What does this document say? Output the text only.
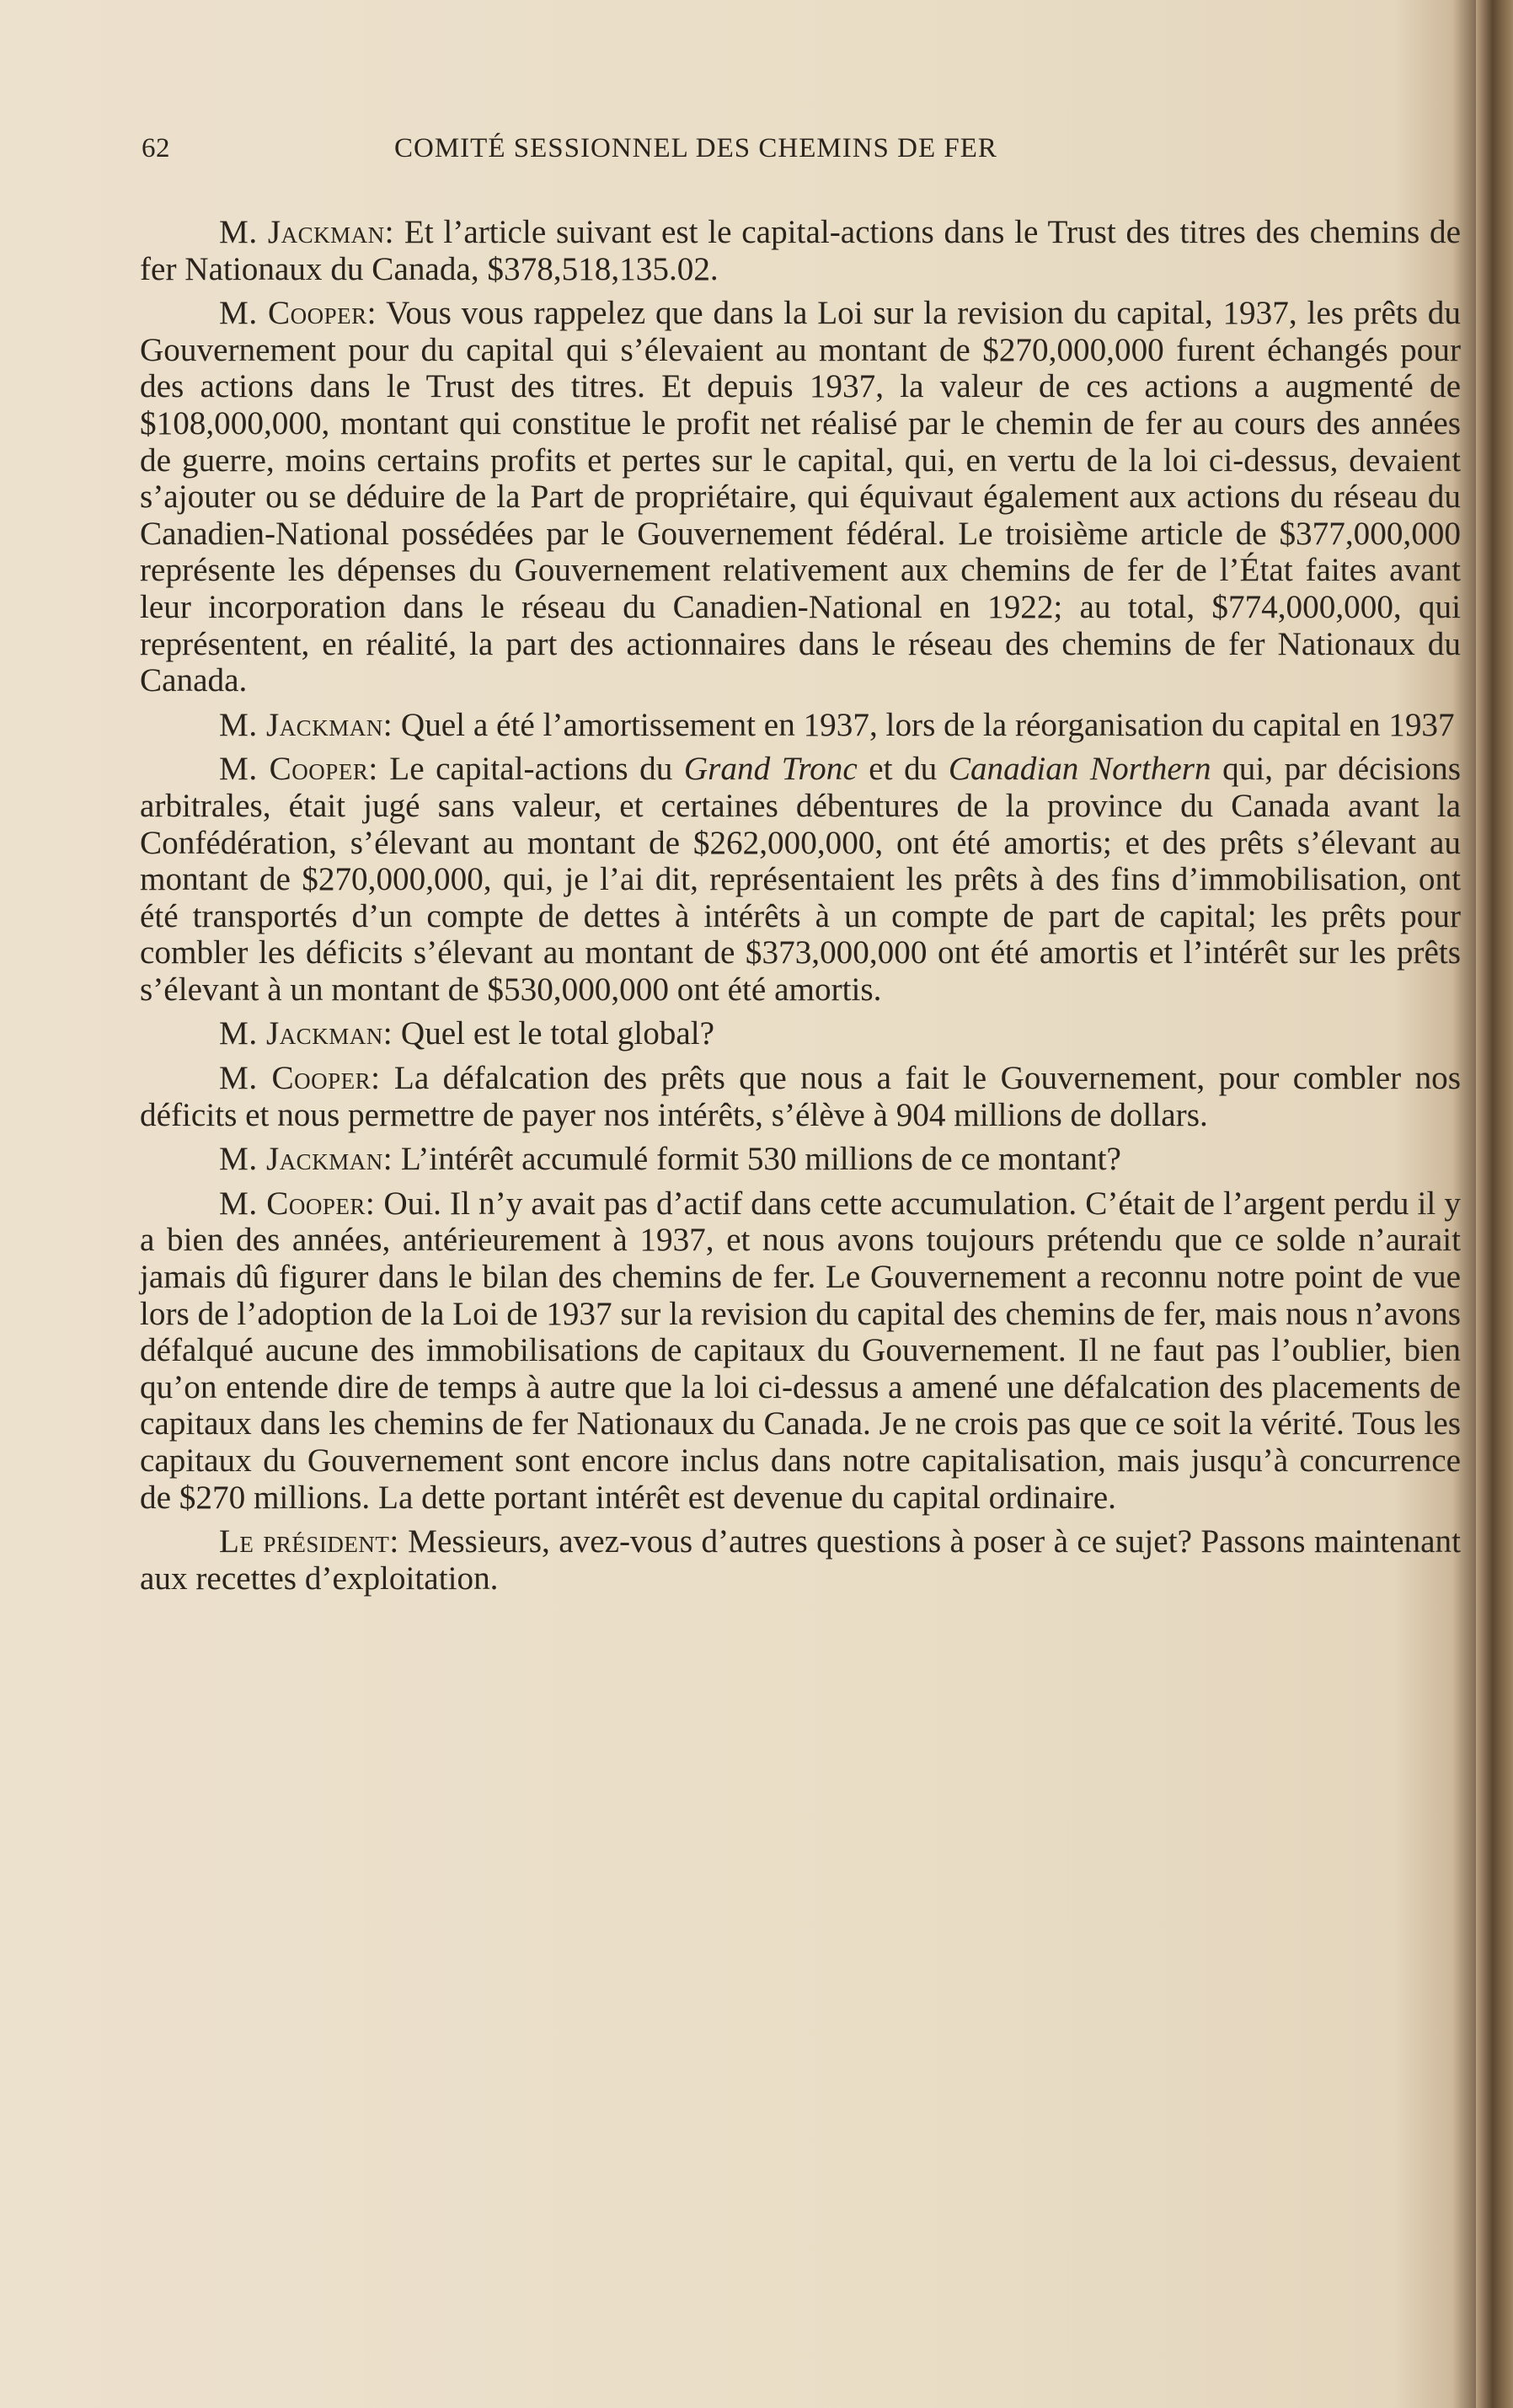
62	COMITÉ SESSIONNEL DES CHEMINS DE FER

M. Jackman: Et l’article suivant est le capital-actions dans le Trust des titres des chemins de fer Nationaux du Canada, $378,518,135.02.

M. Cooper: Vous vous rappelez que dans la Loi sur la revision du capital, 1937, les prêts du Gouvernement pour du capital qui s’élevaient au montant de $270,000,000 furent échangés pour des actions dans le Trust des titres. Et depuis 1937, la valeur de ces actions a augmenté de $108,000,000, montant qui constitue le profit net réalisé par le chemin de fer au cours des années de guerre, moins certains profits et pertes sur le capital, qui, en vertu de la loi ci-dessus, devaient s’ajouter ou se déduire de la Part de propriétaire, qui équivaut également aux actions du réseau du Canadien-National possédées par le Gouvernement fédéral. Le troisième article de $377,000,000 représente les dépenses du Gouvernement relativement aux chemins de fer de l’État faites avant leur incorporation dans le réseau du Canadien-National en 1922; au total, $774,000,000, qui représentent, en réalité, la part des actionnaires dans le réseau des chemins de fer Nationaux du Canada.

M. Jackman: Quel a été l’amortissement en 1937, lors de la réorganisation du capital en 1937

M. Cooper: Le capital-actions du Grand Tronc et du Canadian Northern qui, par décisions arbitrales, était jugé sans valeur, et certaines débentures de la province du Canada avant la Confédération, s’élevant au montant de $262,000,000, ont été amortis; et des prêts s’élevant au montant de $270,000,000, qui, je l’ai dit, représentaient les prêts à des fins d’immobilisation, ont été transportés d’un compte de dettes à intérêts à un compte de part de capital; les prêts pour combler les déficits s’élevant au montant de $373,000,000 ont été amortis et l’intérêt sur les prêts s’élevant à un montant de $530,000,000 ont été amortis.

M. Jackman: Quel est le total global?

M. Cooper: La défalcation des prêts que nous a fait le Gouvernement, pour combler nos déficits et nous permettre de payer nos intérêts, s’élève à 904 millions de dollars.

M. Jackman: L’intérêt accumulé formit 530 millions de ce montant?

M. Cooper: Oui. Il n’y avait pas d’actif dans cette accumulation. C’était de l’argent perdu il y a bien des années, antérieurement à 1937, et nous avons toujours prétendu que ce solde n’aurait jamais dû figurer dans le bilan des chemins de fer. Le Gouvernement a reconnu notre point de vue lors de l’adoption de la Loi de 1937 sur la revision du capital des chemins de fer, mais nous n’avons défalqué aucune des immobilisations de capitaux du Gouvernement. Il ne faut pas l’oublier, bien qu’on entende dire de temps à autre que la loi ci-dessus a amené une défalcation des placements de capitaux dans les chemins de fer Nationaux du Canada. Je ne crois pas que ce soit la vérité. Tous les capitaux du Gouvernement sont encore inclus dans notre capitalisation, mais jusqu’à concurrence de $270 millions. La dette portant intérêt est devenue du capital ordinaire.

Le président: Messieurs, avez-vous d’autres questions à poser à ce sujet? Passons maintenant aux recettes d’exploitation.
